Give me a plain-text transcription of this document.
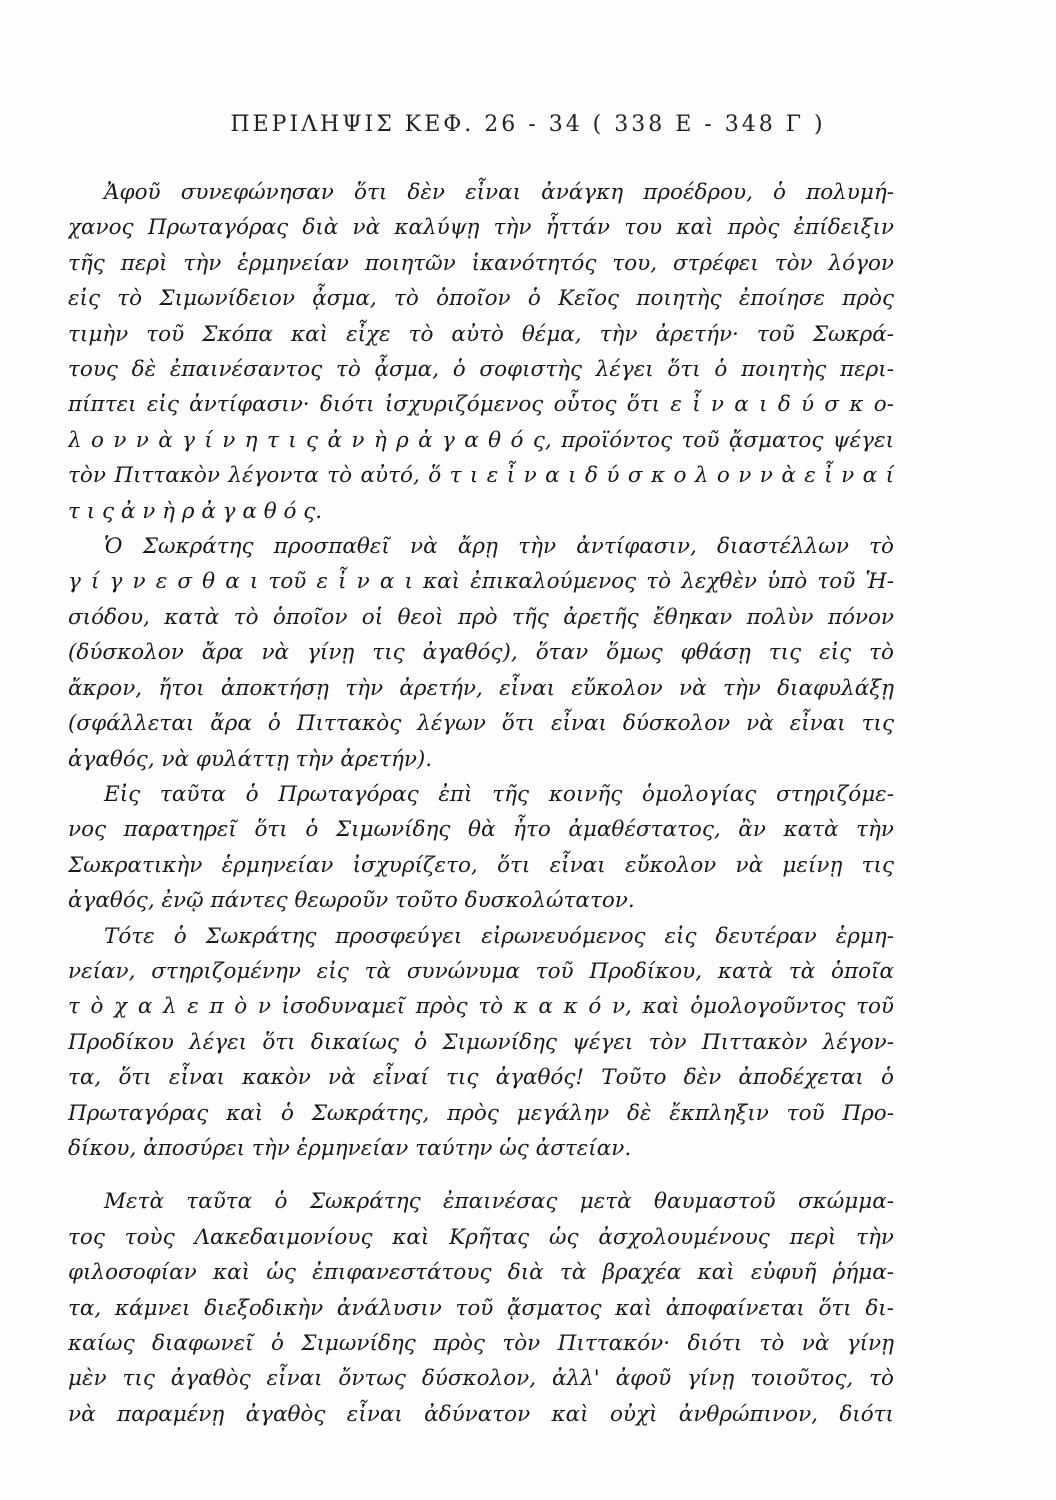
ΠΕΡΙΛΗΨΙΣ ΚΕΦ. 26 - 34 ( 338 Ε - 348 Γ )
Ἀφοῦ συνεφώνησαν ὅτι δὲν εἶναι ἀνάγκη προέδρου, ὁ πολυμή-
χανος Πρωταγόρας διὰ νὰ καλύψῃ τὴν ἧττάν του καὶ πρὸς ἐπίδειξιν
τῆς περὶ τὴν ἑρμηνείαν ποιητῶν ἱκανότητός του, στρέφει τὸν λόγον
εἰς τὸ Σιμωνίδειον ᾆσμα, τὸ ὁποῖον ὁ Κεῖος ποιητὴς ἐποίησε πρὸς
τιμὴν τοῦ Σκόπα καὶ εἶχε τὸ αὐτὸ θέμα, τὴν ἀρετήν· τοῦ Σωκρά-
τους δὲ ἐπαινέσαντος τὸ ᾆσμα, ὁ σοφιστὴς λέγει ὅτι ὁ ποιητὴς περι-
πίπτει εἰς ἀντίφασιν· διότι ἰσχυριζόμενος οὗτος ὅτι ε ἶ ν α ι δ ύ σ κ ο-
λ ο ν ν ὰ γ ί ν η τ ι ς ἀ ν ὴ ρ ἀ γ α θ ό ς, προϊόντος τοῦ ᾄσματος ψέγει
τὸν Πιττακὸν λέγοντα τὸ αὐτό, ὅ τ ι ε ἶ ν α ι δ ύ σ κ ο λ ο ν ν ὰ ε ἶ ν α ί
τ ι ς ἀ ν ὴ ρ ἀ γ α θ ό ς.
Ὁ Σωκράτης προσπαθεῖ νὰ ἄρῃ τὴν ἀντίφασιν, διαστέλλων τὸ
γ ί γ ν ε σ θ α ι τοῦ ε ἶ ν α ι καὶ ἐπικαλούμενος τὸ λεχθὲν ὑπὸ τοῦ Ἡ-
σιόδου, κατὰ τὸ ὁποῖον οἱ θεοὶ πρὸ τῆς ἀρετῆς ἔθηκαν πολὺν πόνον
(δύσκολον ἄρα νὰ γίνῃ τις ἀγαθός), ὅταν ὅμως φθάσῃ τις εἰς τὸ
ἄκρον, ἤτοι ἀποκτήσῃ τὴν ἀρετήν, εἶναι εὔκολον νὰ τὴν διαφυλάξῃ
(σφάλλεται ἄρα ὁ Πιττακὸς λέγων ὅτι εἶναι δύσκολον νὰ εἶναι τις
ἀγαθός, νὰ φυλάττῃ τὴν ἀρετήν).
Εἰς ταῦτα ὁ Πρωταγόρας ἐπὶ τῆς κοινῆς ὁμολογίας στηριζόμε-
νος παρατηρεῖ ὅτι ὁ Σιμωνίδης θὰ ἦτο ἀμαθέστατος, ἂν κατὰ τὴν
Σωκρατικὴν ἑρμηνείαν ἰσχυρίζετο, ὅτι εἶναι εὔκολον νὰ μείνῃ τις
ἀγαθός, ἐνῷ πάντες θεωροῦν τοῦτο δυσκολώτατον.
Τότε ὁ Σωκράτης προσφεύγει εἰρωνευόμενος εἰς δευτέραν ἑρμη-
νείαν, στηριζομένην εἰς τὰ συνώνυμα τοῦ Προδίκου, κατὰ τὰ ὁποῖα
τ ὸ χ α λ ε π ὸ ν ἰσοδυναμεῖ πρὸς τὸ κ α κ ό ν, καὶ ὁμολογοῦντος τοῦ
Προδίκου λέγει ὅτι δικαίως ὁ Σιμωνίδης ψέγει τὸν Πιττακὸν λέγον-
τα, ὅτι εἶναι κακὸν νὰ εἶναί τις ἀγαθός! Τοῦτο δὲν ἀποδέχεται ὁ
Πρωταγόρας καὶ ὁ Σωκράτης, πρὸς μεγάλην δὲ ἔκπληξιν τοῦ Προ-
δίκου, ἀποσύρει τὴν ἑρμηνείαν ταύτην ὡς ἀστείαν.
Μετὰ ταῦτα ὁ Σωκράτης ἐπαινέσας μετὰ θαυμαστοῦ σκώμμα-
τος τοὺς Λακεδαιμονίους καὶ Κρῆτας ὡς ἀσχολουμένους περὶ τὴν
φιλοσοφίαν καὶ ὡς ἐπιφανεστάτους διὰ τὰ βραχέα καὶ εὐφυῆ ῥήμα-
τα, κάμνει διεξοδικὴν ἀνάλυσιν τοῦ ᾄσματος καὶ ἀποφαίνεται ὅτι δι-
καίως διαφωνεῖ ὁ Σιμωνίδης πρὸς τὸν Πιττακόν· διότι τὸ νὰ γίνῃ
μὲν τις ἀγαθὸς εἶναι ὄντως δύσκολον, ἀλλ' ἀφοῦ γίνῃ τοιοῦτος, τὸ
νὰ παραμένῃ ἀγαθὸς εἶναι ἀδύνατον καὶ οὐχὶ ἀνθρώπινον, διότι
